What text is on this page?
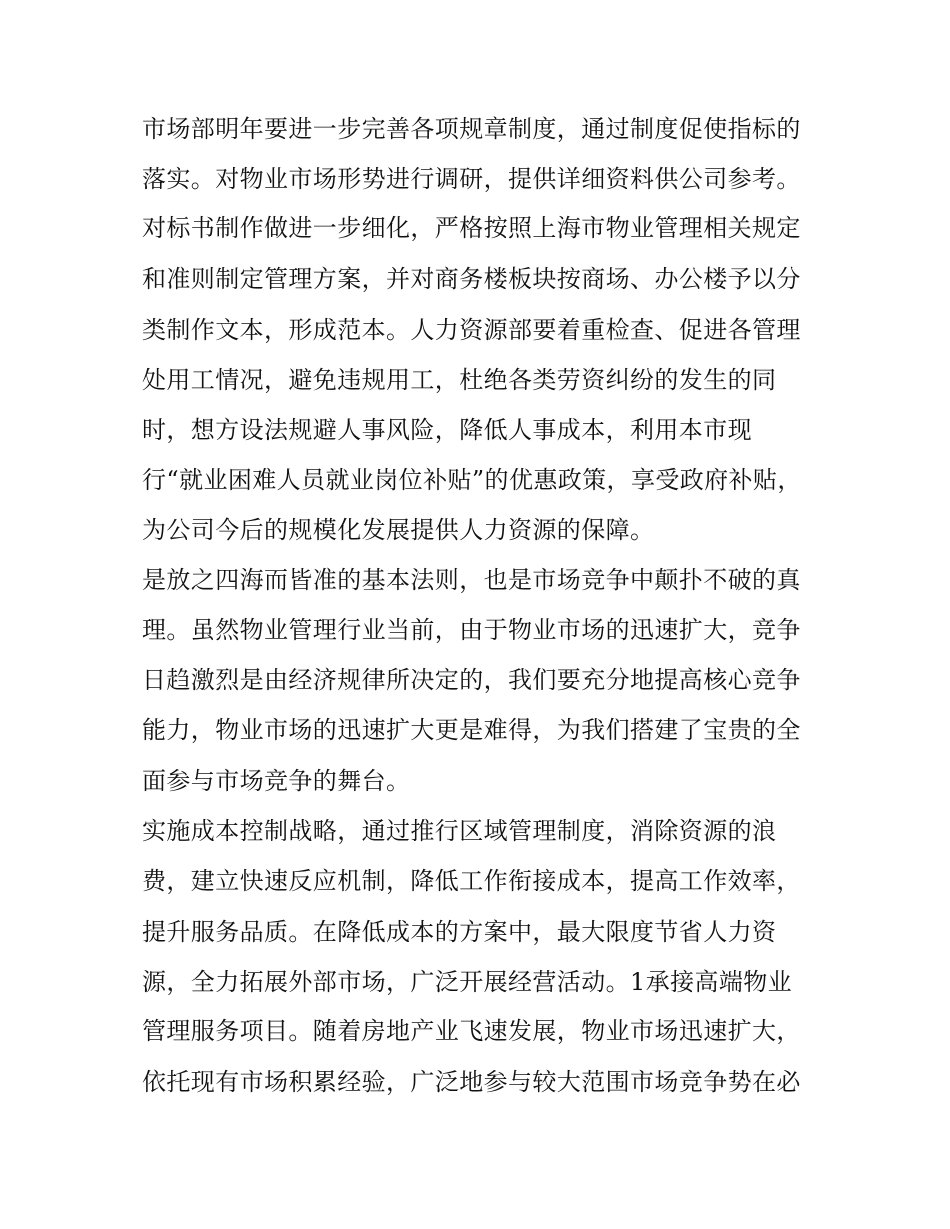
市场部明年要进一步完善各项规章制度，通过制度促使指标的
落实。对物业市场形势进行调研，提供详细资料供公司参考。
对标书制作做进一步细化，严格按照上海市物业管理相关规定
和准则制定管理方案，并对商务楼板块按商场、办公楼予以分
类制作文本，形成范本。人力资源部要着重检查、促进各管理
处用工情况，避免违规用工，杜绝各类劳资纠纷的发生的同
时，想方设法规避人事风险，降低人事成本，利用本市现
行“就业困难人员就业岗位补贴”的优惠政策，享受政府补贴，
为公司今后的规模化发展提供人力资源的保障。
是放之四海而皆准的基本法则，也是市场竞争中颠扑不破的真
理。虽然物业管理行业当前，由于物业市场的迅速扩大，竞争
日趋激烈是由经济规律所决定的，我们要充分地提高核心竞争
能力，物业市场的迅速扩大更是难得，为我们搭建了宝贵的全
面参与市场竞争的舞台。
实施成本控制战略，通过推行区域管理制度，消除资源的浪
费，建立快速反应机制，降低工作衔接成本，提高工作效率，
提升服务品质。在降低成本的方案中，最大限度节省人力资
源，全力拓展外部市场，广泛开展经营活动。1承接高端物业
管理服务项目。随着房地产业飞速发展，物业市场迅速扩大，
依托现有市场积累经验，广泛地参与较大范围市场竞争势在必
